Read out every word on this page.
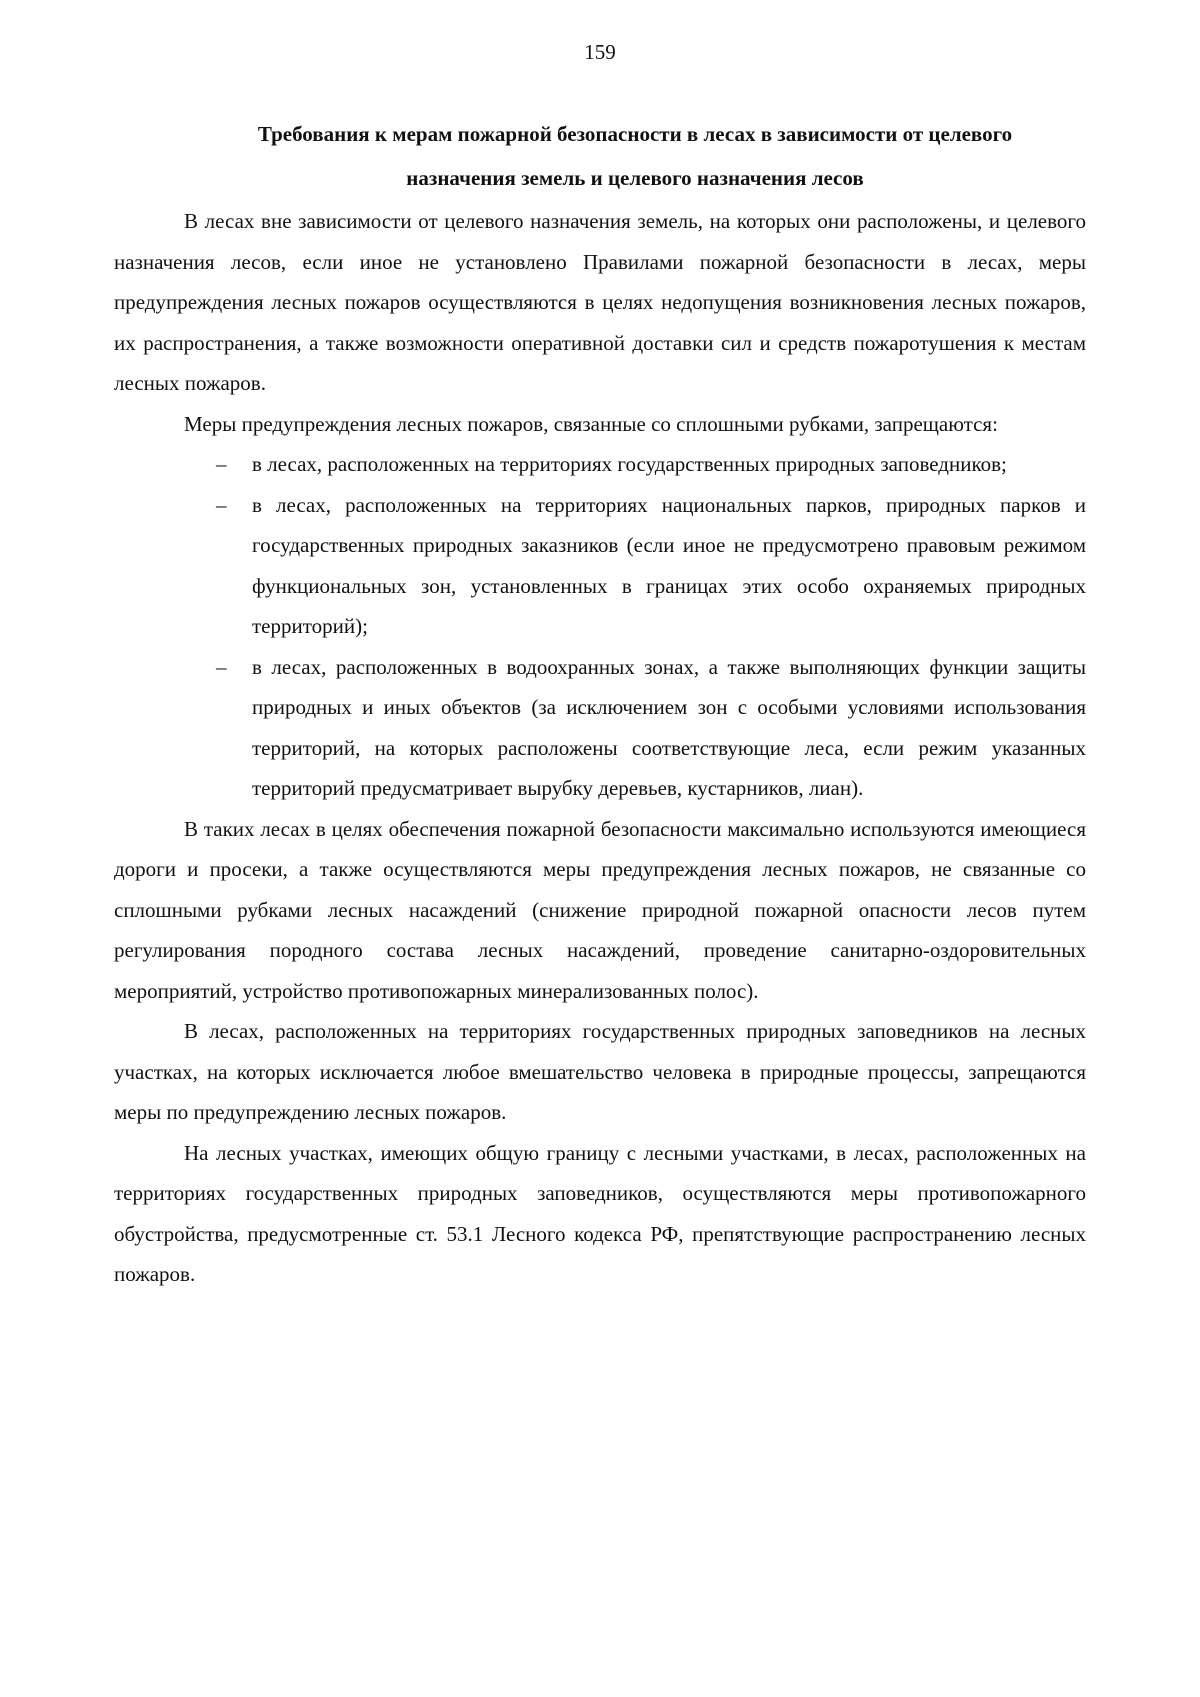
159
Требования к мерам пожарной безопасности в лесах в зависимости от целевого назначения земель и целевого назначения лесов

В лесах вне зависимости от целевого назначения земель, на которых они расположены, и целевого назначения лесов, если иное не установлено Правилами пожарной безопасности в лесах, меры предупреждения лесных пожаров осуществляются в целях недопущения возникновения лесных пожаров, их распространения, а также возможности оперативной доставки сил и средств пожаротушения к местам лесных пожаров.

Меры предупреждения лесных пожаров, связанные со сплошными рубками, запрещаются:

– в лесах, расположенных на территориях государственных природных заповедников;
– в лесах, расположенных на территориях национальных парков, природных парков и государственных природных заказников (если иное не предусмотрено правовым режимом функциональных зон, установленных в границах этих особо охраняемых природных территорий);
– в лесах, расположенных в водоохранных зонах, а также выполняющих функции защиты природных и иных объектов (за исключением зон с особыми условиями использования территорий, на которых расположены соответствующие леса, если режим указанных территорий предусматривает вырубку деревьев, кустарников, лиан).

В таких лесах в целях обеспечения пожарной безопасности максимально используются имеющиеся дороги и просеки, а также осуществляются меры предупреждения лесных пожаров, не связанные со сплошными рубками лесных насаждений (снижение природной пожарной опасности лесов путем регулирования породного состава лесных насаждений, проведение санитарно-оздоровительных мероприятий, устройство противопожарных минерализованных полос).

В лесах, расположенных на территориях государственных природных заповедников на лесных участках, на которых исключается любое вмешательство человека в природные процессы, запрещаются меры по предупреждению лесных пожаров.

На лесных участках, имеющих общую границу с лесными участками, в лесах, расположенных на территориях государственных природных заповедников, осуществляются меры противопожарного обустройства, предусмотренные ст. 53.1 Лесного кодекса РФ, препятствующие распространению лесных пожаров.
